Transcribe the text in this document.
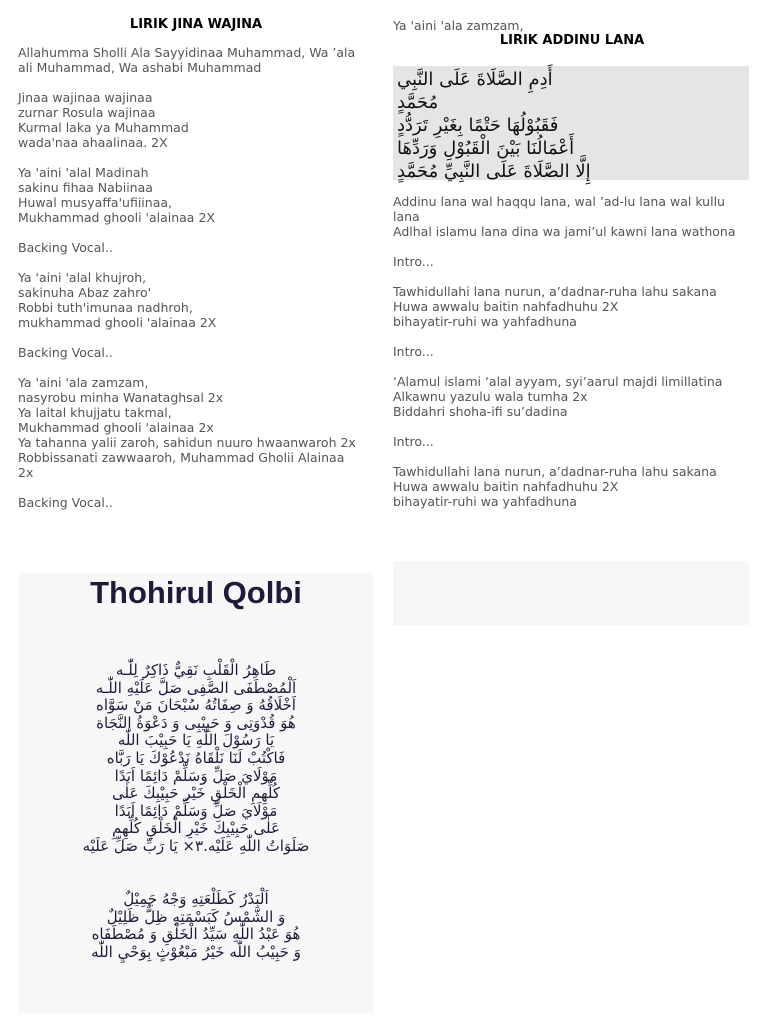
LIRIK JINA WAJINA

Allahumma Sholli Ala Sayyidinaa Muhammad, Wa ’ala

ali Muhammad, Wa ashabi Muhammad

Jinaa wajinaa wajinaa

zurnar Rosula wajinaa

Kurmal laka ya Muhammad

wada'naa ahaalinaa. 2X

Ya 'aini 'alal Madinah

sakinu fihaa Nabiinaa

Huwal musyaffa'ufiiinaa,

Mukhammad ghooli 'alainaa 2X

Backing Vocal..

Ya 'aini 'alal khujroh,

sakinuha Abaz zahro'

Robbi tuth'imunaa nadhroh,

mukhammad ghooli 'alainaa 2X

Backing Vocal..

Ya 'aini 'ala zamzam,

nasyrobu minha Wanataghsal 2x

Ya laital khujjatu takmal,

Mukhammad ghooli 'alainaa 2x

Ya tahanna yalii zaroh, sahidun nuuro hwaanwaroh 2x

Robbissanati zawwaaroh, Muhammad Gholii Alainaa

2x

Backing Vocal..

Ya 'aini 'ala zamzam,

LIRIK ADDINU LANA

أَدِمِ الصَّلَاةَ عَلَى النَّبِي مُحَمَّدٍ
فَقَبُوْلُهَا حَتْمًا بِغَيْرِ تَرَدُّدٍ
أَعْمَالُنَا بَيْنَ الْقَبُوْلِ وَرَدِّهَا
إِلَّا الصَّلَاةَ عَلَى النَّبِيِّ مُحَمَّدٍ

Addinu lana wal haqqu lana, wal ’ad-lu lana wal kullu

lana

Adlhal islamu lana dina wa jami’ul kawni lana wathona

Intro...

Tawhidullahi lana nurun, a’dadnar-ruha lahu sakana

Huwa awwalu baitin nahfadhuhu 2X

bihayatir-ruhi wa yahfadhuna

Intro...

‘Alamul islami ‘alal ayyam, syi’aarul majdi limillatina

Alkawnu yazulu wala tumha 2x

Biddahri shoha-ifi su’dadina

Intro...

Tawhidullahi lana nurun, a’dadnar-ruha lahu sakana

Huwa awwalu baitin nahfadhuhu 2X

bihayatir-ruhi wa yahfadhuna

Thohirul Qolbi

طَاهِرُ الْقَلْبِ نَقِيٌّ ذَاكِرٌ لِلّٰـه
اَلْمُصْطَفَى الصَّفِى صَلَّ عَلَيْهِ اللّٰـه
اَخْلَاقُهُ وَ صِفَاتُهُ سُبْحَانَ مَنْ سَوَّاه
هُوَ قُدْوَتِى وَ حَبِيْبِى وَ دَعْوَةُ النَّجَاة
يَا رَسُوْلَ اللّٰهِ يَا حَبِيْبَ اللّٰه
فَاكْتُبْ لَنَا نَلْقَاهُ نَدْعُوْكَ يَا رَبَّاه
مَوْلَايَ صَلِّ وَسَلِّمْ دَائِمًا اَبَدًا
كُلِّهِمِ الْخَلْقِ خَيْرِ حَبِيْبِكَ عَلٰى
مَوْلَايَ صَلِّ وَسَلِّمْ دَائِمًا اَبَدًا
عَلٰى حَبِيْبِكَ خَيْرِ الْخَلْقِ كُلِّهِمِ
صَلَوَاتُ اللّٰهِ عَلَيْه.٣× يَا رَبِّ صَلِّ عَلَيْه
اَلْبَدْرُ كَطَلْعَتِهِ وَجْهُ جَمِيْلٌ
وَ الشَّمْسُ كَبَسْمَتِهِ ظِلٌّ ظَلِيْلٌ
هُوَ عَبْدُ اللّٰهِ سَيِّدُ الْخَلْقِ وَ مُصْطَفَاه
وَ حَبِيْبُ اللّٰه خَيْرُ مَبْعُوْثٍ بِوَحْيِ اللّٰه
